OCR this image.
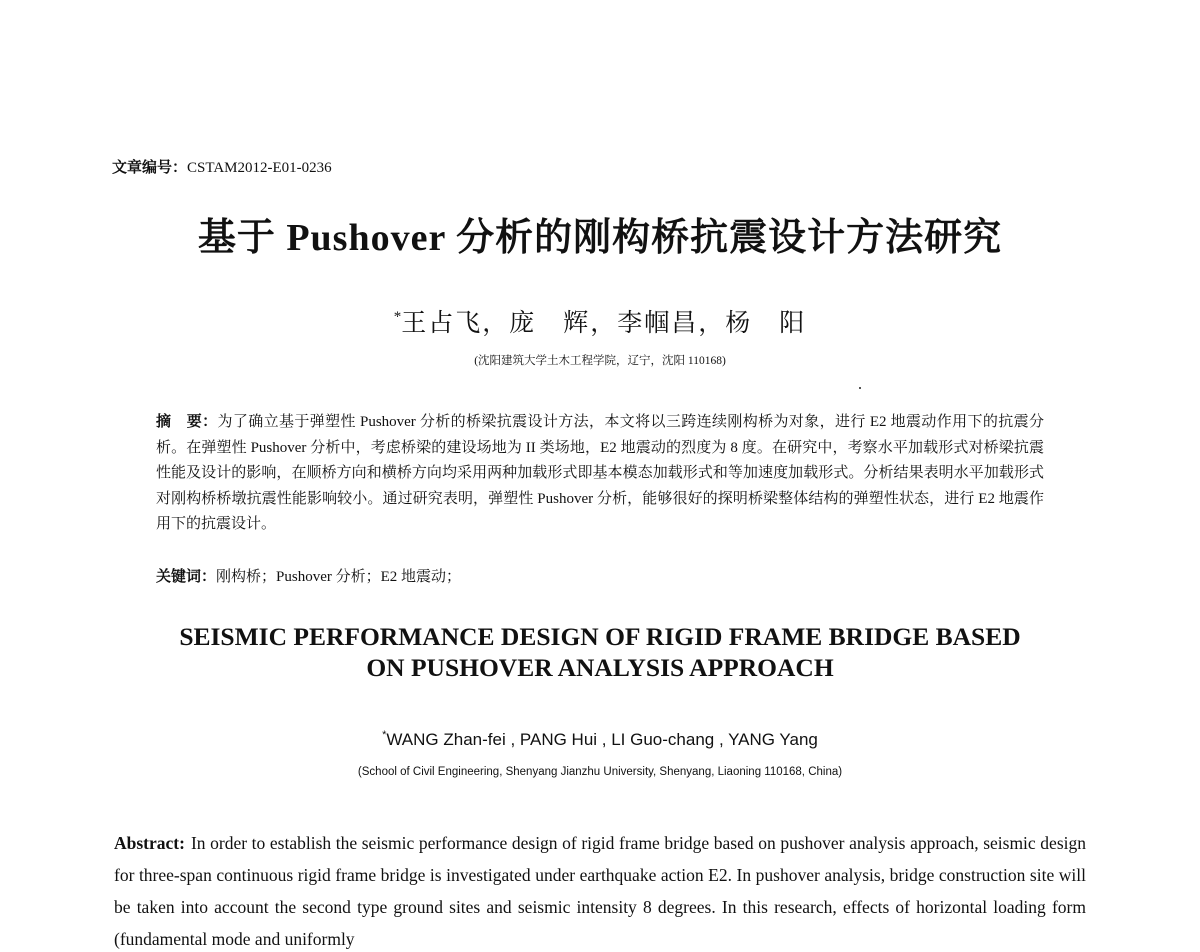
文章编号：CSTAM2012-E01-0236
基于 Pushover 分析的刚构桥抗震设计方法研究
*王占飞，庞　辉，李帼昌，杨　阳
(沈阳建筑大学土木工程学院，辽宁，沈阳 110168)
摘　要：为了确立基于弹塑性 Pushover 分析的桥梁抗震设计方法，本文将以三跨连续刚构桥为对象，进行 E2 地震动作用下的抗震分析。在弹塑性 Pushover 分析中，考虑桥梁的建设场地为 II 类场地，E2 地震动的烈度为 8 度。在研究中，考察水平加载形式对桥梁抗震性能及设计的影响，在顺桥方向和横桥方向均采用两种加载形式即基本模态加载形式和等加速度加载形式。分析结果表明水平加载形式对刚构桥桥墩抗震性能影响较小。通过研究表明，弹塑性 Pushover 分析，能够很好的探明桥梁整体结构的弹塑性状态，进行 E2 地震作用下的抗震设计。
关键词：刚构桥；Pushover 分析；E2 地震动；
SEISMIC PERFORMANCE DESIGN OF RIGID FRAME BRIDGE BASED
ON PUSHOVER ANALYSIS APPROACH
*WANG Zhan-fei , PANG Hui , LI Guo-chang , YANG Yang
(School of Civil Engineering, Shenyang Jianzhu University, Shenyang, Liaoning 110168, China)
Abstract: In order to establish the seismic performance design of rigid frame bridge based on pushover analysis approach, seismic design for three-span continuous rigid frame bridge is investigated under earthquake action E2. In pushover analysis, bridge construction site will be taken into account the second type ground sites and seismic intensity 8 degrees. In this research, effects of horizontal loading form (fundamental mode and uniformly
